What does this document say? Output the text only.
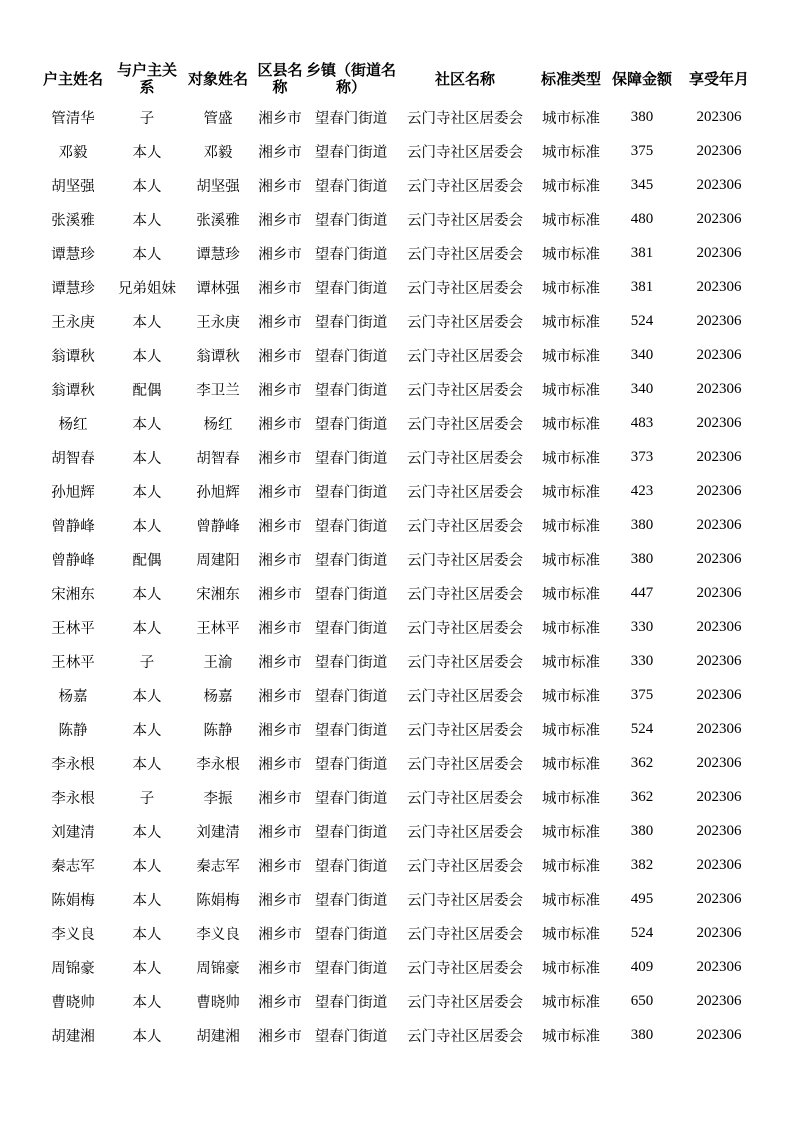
户主姓名	与户主关系	对象姓名	区县名称	乡镇（街道名称）	社区名称	标准类型	保障金额	享受年月
管清华	子	管盛	湘乡市	望春门街道	云门寺社区居委会	城市标准	380	202306
邓毅	本人	邓毅	湘乡市	望春门街道	云门寺社区居委会	城市标准	375	202306
胡坚强	本人	胡坚强	湘乡市	望春门街道	云门寺社区居委会	城市标准	345	202306
张溪雅	本人	张溪雅	湘乡市	望春门街道	云门寺社区居委会	城市标准	480	202306
谭慧珍	本人	谭慧珍	湘乡市	望春门街道	云门寺社区居委会	城市标准	381	202306
谭慧珍	兄弟姐妹	谭林强	湘乡市	望春门街道	云门寺社区居委会	城市标准	381	202306
王永庚	本人	王永庚	湘乡市	望春门街道	云门寺社区居委会	城市标准	524	202306
翁谭秋	本人	翁谭秋	湘乡市	望春门街道	云门寺社区居委会	城市标准	340	202306
翁谭秋	配偶	李卫兰	湘乡市	望春门街道	云门寺社区居委会	城市标准	340	202306
杨红	本人	杨红	湘乡市	望春门街道	云门寺社区居委会	城市标准	483	202306
胡智春	本人	胡智春	湘乡市	望春门街道	云门寺社区居委会	城市标准	373	202306
孙旭辉	本人	孙旭辉	湘乡市	望春门街道	云门寺社区居委会	城市标准	423	202306
曾静峰	本人	曾静峰	湘乡市	望春门街道	云门寺社区居委会	城市标准	380	202306
曾静峰	配偶	周建阳	湘乡市	望春门街道	云门寺社区居委会	城市标准	380	202306
宋湘东	本人	宋湘东	湘乡市	望春门街道	云门寺社区居委会	城市标准	447	202306
王林平	本人	王林平	湘乡市	望春门街道	云门寺社区居委会	城市标准	330	202306
王林平	子	王渝	湘乡市	望春门街道	云门寺社区居委会	城市标准	330	202306
杨嘉	本人	杨嘉	湘乡市	望春门街道	云门寺社区居委会	城市标准	375	202306
陈静	本人	陈静	湘乡市	望春门街道	云门寺社区居委会	城市标准	524	202306
李永根	本人	李永根	湘乡市	望春门街道	云门寺社区居委会	城市标准	362	202306
李永根	子	李振	湘乡市	望春门街道	云门寺社区居委会	城市标准	362	202306
刘建清	本人	刘建清	湘乡市	望春门街道	云门寺社区居委会	城市标准	380	202306
秦志军	本人	秦志军	湘乡市	望春门街道	云门寺社区居委会	城市标准	382	202306
陈娟梅	本人	陈娟梅	湘乡市	望春门街道	云门寺社区居委会	城市标准	495	202306
李义良	本人	李义良	湘乡市	望春门街道	云门寺社区居委会	城市标准	524	202306
周锦豪	本人	周锦豪	湘乡市	望春门街道	云门寺社区居委会	城市标准	409	202306
曹晓帅	本人	曹晓帅	湘乡市	望春门街道	云门寺社区居委会	城市标准	650	202306
胡建湘	本人	胡建湘	湘乡市	望春门街道	云门寺社区居委会	城市标准	380	202306
